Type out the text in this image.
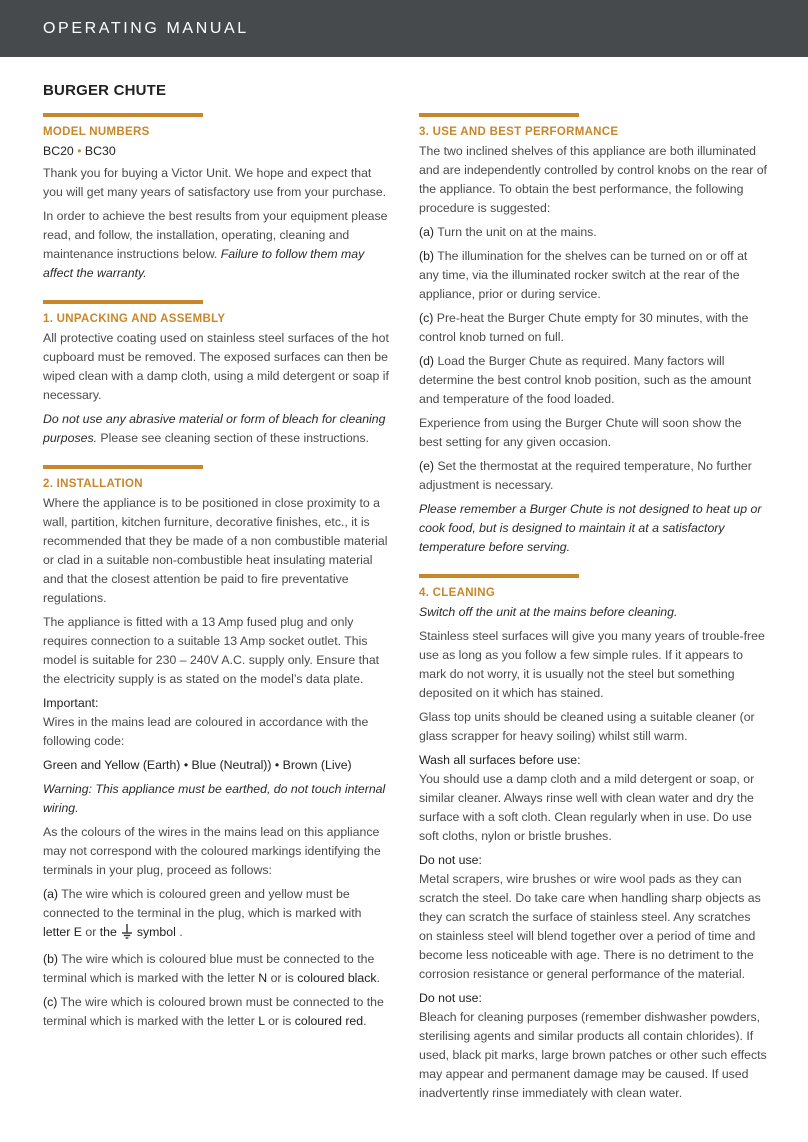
OPERATING MANUAL
BURGER CHUTE
MODEL NUMBERS
BC20 • BC30

Thank you for buying a Victor Unit. We hope and expect that you will get many years of satisfactory use from your purchase.

In order to achieve the best results from your equipment please read, and follow, the installation, operating, cleaning and maintenance instructions below. Failure to follow them may affect the warranty.

1. UNPACKING AND ASSEMBLY

All protective coating used on stainless steel surfaces of the hot cupboard must be removed. The exposed surfaces can then be wiped clean with a damp cloth, using a mild detergent or soap if necessary.

Do not use any abrasive material or form of bleach for cleaning purposes. Please see cleaning section of these instructions.

2. INSTALLATION

Where the appliance is to be positioned in close proximity to a wall, partition, kitchen furniture, decorative finishes, etc., it is recommended that they be made of a non combustible material or clad in a suitable non-combustible heat insulating material and that the closest attention be paid to fire preventative regulations.

The appliance is fitted with a 13 Amp fused plug and only requires connection to a suitable 13 Amp socket outlet. This model is suitable for 230 – 240V A.C. supply only. Ensure that the electricity supply is as stated on the model’s data plate.

Important:

Wires in the mains lead are coloured in accordance with the following code:

Green and Yellow (Earth) • Blue (Neutral)) • Brown (Live)

Warning: This appliance must be earthed, do not touch internal wiring.

As the colours of the wires in the mains lead on this appliance may not correspond with the coloured markings identifying the terminals in your plug, proceed as follows:

(a) The wire which is coloured green and yellow must be connected to the terminal in the plug, which is marked with letter E or the symbol .

(b) The wire which is coloured blue must be connected to the terminal which is marked with the letter N or is coloured black.

(c) The wire which is coloured brown must be connected to the terminal which is marked with the letter L or is coloured red.

3. USE AND BEST PERFORMANCE

The two inclined shelves of this appliance are both illuminated and are independently controlled by control knobs on the rear of the appliance. To obtain the best performance, the following procedure is suggested:

(a) Turn the unit on at the mains.

(b) The illumination for the shelves can be turned on or off at any time, via the illuminated rocker switch at the rear of the appliance, prior or during service.

(c) Pre-heat the Burger Chute empty for 30 minutes, with the control knob turned on full.

(d) Load the Burger Chute as required. Many factors will determine the best control knob position, such as the amount and temperature of the food loaded.

Experience from using the Burger Chute will soon show the best setting for any given occasion.

(e) Set the thermostat at the required temperature, No further adjustment is necessary.

Please remember a Burger Chute is not designed to heat up or cook food, but is designed to maintain it at a satisfactory temperature before serving.

4. CLEANING

Switch off the unit at the mains before cleaning.

Stainless steel surfaces will give you many years of trouble-free use as long as you follow a few simple rules. If it appears to mark do not worry, it is usually not the steel but something deposited on it which has stained.

Glass top units should be cleaned using a suitable cleaner (or glass scrapper for heavy soiling) whilst still warm.

Wash all surfaces before use:

You should use a damp cloth and a mild detergent or soap, or similar cleaner. Always rinse well with clean water and dry the surface with a soft cloth. Clean regularly when in use. Do use soft cloths, nylon or bristle brushes.

Do not use:

Metal scrapers, wire brushes or wire wool pads as they can scratch the steel. Do take care when handling sharp objects as they can scratch the surface of stainless steel. Any scratches on stainless steel will blend together over a period of time and become less noticeable with age. There is no detriment to the corrosion resistance or general performance of the material.

Do not use:

Bleach for cleaning purposes (remember dishwasher powders, sterilising agents and similar products all contain chlorides). If used, black pit marks, large brown patches or other such effects may appear and permanent damage may be caused. If used inadvertently rinse immediately with clean water.
